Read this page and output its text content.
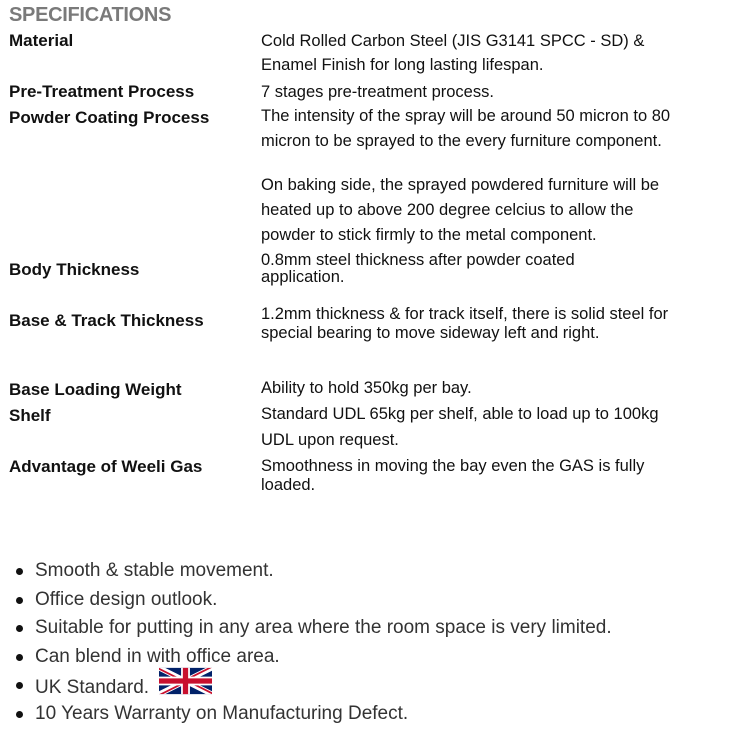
SPECIFICATIONS
Material	Cold Rolled Carbon Steel (JIS G3141 SPCC - SD) &
Enamel Finish for long lasting lifespan.
Pre-Treatment Process	7 stages pre-treatment process.
Powder Coating Process	The intensity of the spray will be around 50 micron to 80
micron to be sprayed to the every furniture component.
On baking side, the sprayed powdered furniture will be
heated up to above 200 degree celcius to allow the
powder to stick firmly to the metal component.
Body Thickness	0.8mm steel thickness after powder coated
application.
Base & Track Thickness	1.2mm thickness & for track itself, there is solid steel for
special bearing to move sideway left and right.
Base Loading Weight	Ability to hold 350kg per bay.
Shelf	Standard UDL 65kg per shelf, able to load up to 100kg
UDL upon request.
Advantage of Weeli Gas	Smoothness in moving the bay even the GAS is fully
loaded.
Smooth & stable movement.
Office design outlook.
Suitable for putting in any area where the room space is very limited.
Can blend in with office area.
UK Standard.
10 Years Warranty on Manufacturing Defect.
